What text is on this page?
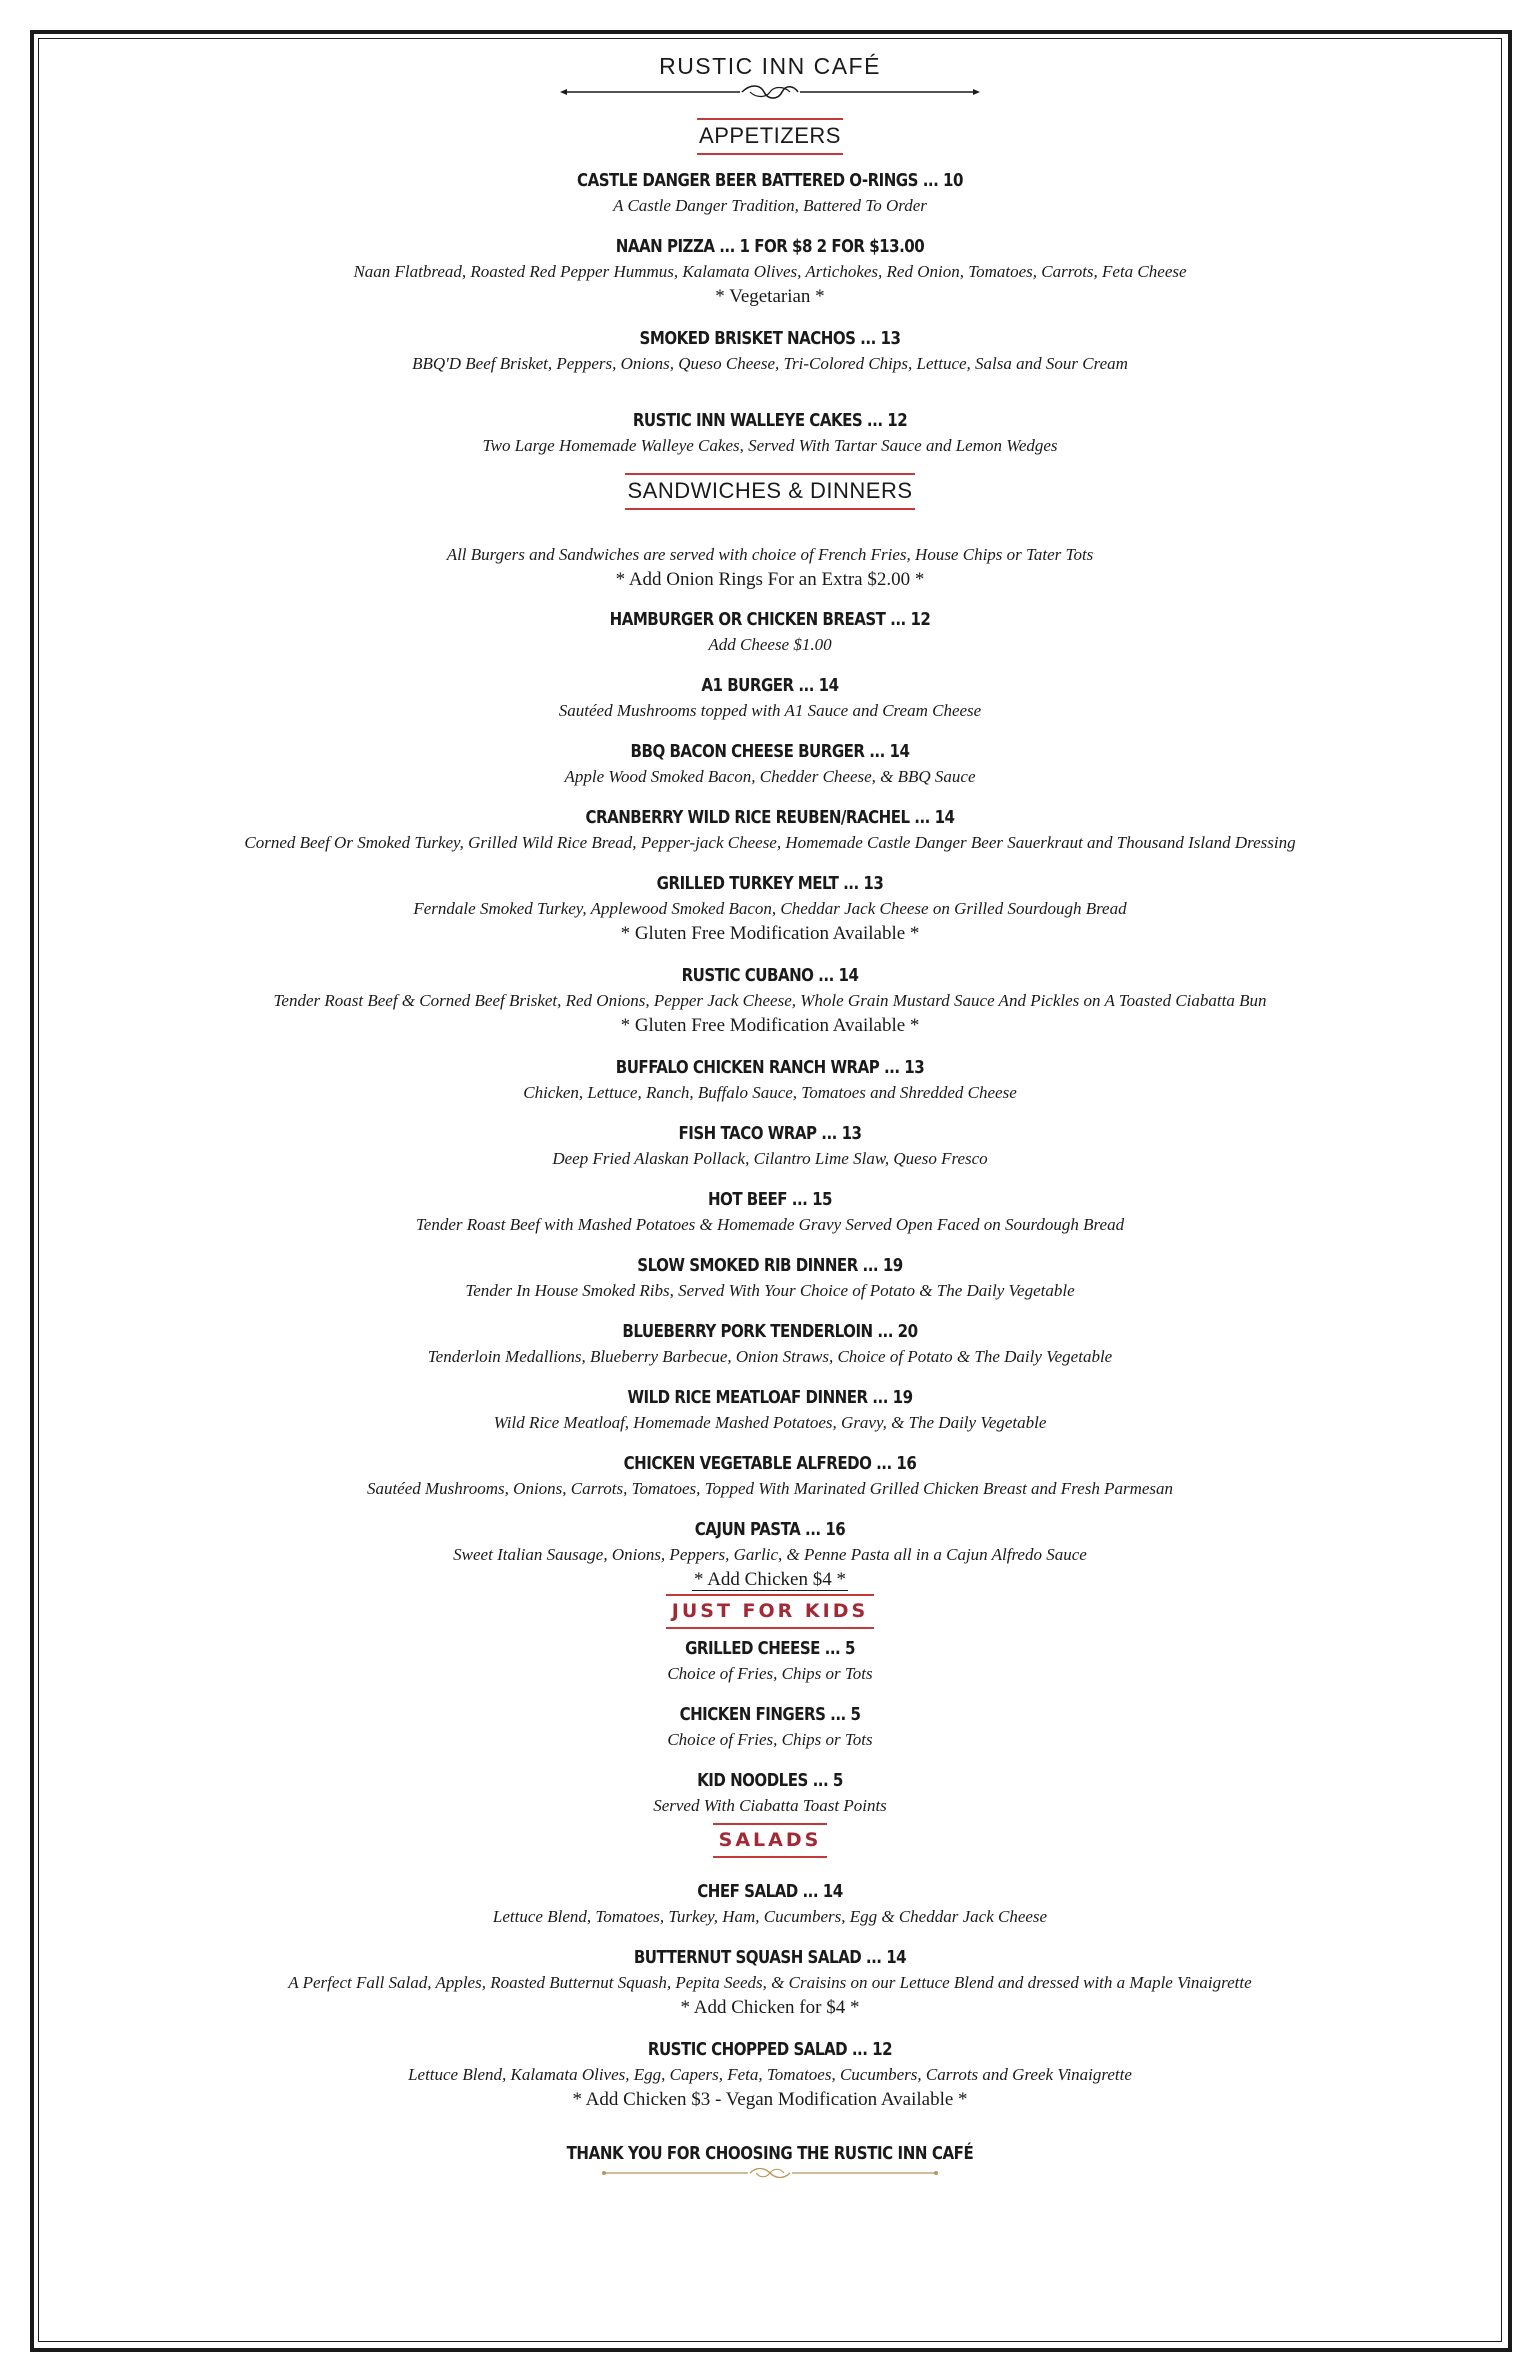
RUSTIC INN CAFÉ
APPETIZERS
CASTLE DANGER BEER BATTERED O-RINGS ... 10
A Castle Danger Tradition, Battered To Order
NAAN PIZZA ... 1 FOR $8 2 FOR $13.00
Naan Flatbread, Roasted Red Pepper Hummus, Kalamata Olives, Artichokes, Red Onion, Tomatoes, Carrots, Feta Cheese
* Vegetarian *
SMOKED BRISKET NACHOS ... 13
BBQ'D Beef Brisket, Peppers, Onions, Queso Cheese, Tri-Colored Chips, Lettuce, Salsa and Sour Cream
RUSTIC INN WALLEYE CAKES ... 12
Two Large Homemade Walleye Cakes, Served With Tartar Sauce and Lemon Wedges
SANDWICHES & DINNERS
All Burgers and Sandwiches are served with choice of French Fries, House Chips or Tater Tots
* Add Onion Rings For an Extra $2.00 *
HAMBURGER OR CHICKEN BREAST ... 12
Add Cheese $1.00
A1 BURGER ... 14
Sautéed Mushrooms topped with A1 Sauce and Cream Cheese
BBQ BACON CHEESE BURGER ... 14
Apple Wood Smoked Bacon, Chedder Cheese, & BBQ Sauce
CRANBERRY WILD RICE REUBEN/RACHEL ... 14
Corned Beef Or Smoked Turkey, Grilled Wild Rice Bread, Pepper-jack Cheese, Homemade Castle Danger Beer Sauerkraut and Thousand Island Dressing
GRILLED TURKEY MELT ... 13
Ferndale Smoked Turkey, Applewood Smoked Bacon, Cheddar Jack Cheese on Grilled Sourdough Bread
* Gluten Free Modification Available *
RUSTIC CUBANO ... 14
Tender Roast Beef & Corned Beef Brisket, Red Onions, Pepper Jack Cheese, Whole Grain Mustard Sauce And Pickles on A Toasted Ciabatta Bun
* Gluten Free Modification Available *
BUFFALO CHICKEN RANCH WRAP ... 13
Chicken, Lettuce, Ranch, Buffalo Sauce, Tomatoes and Shredded Cheese
FISH TACO WRAP ... 13
Deep Fried Alaskan Pollack, Cilantro Lime Slaw, Queso Fresco
HOT BEEF ... 15
Tender Roast Beef with Mashed Potatoes & Homemade Gravy Served Open Faced on Sourdough Bread
SLOW SMOKED RIB DINNER ... 19
Tender In House Smoked Ribs, Served With Your Choice of Potato & The Daily Vegetable
BLUEBERRY PORK TENDERLOIN ... 20
Tenderloin Medallions, Blueberry Barbecue, Onion Straws, Choice of Potato & The Daily Vegetable
WILD RICE MEATLOAF DINNER ... 19
Wild Rice Meatloaf, Homemade Mashed Potatoes, Gravy, & The Daily Vegetable
CHICKEN VEGETABLE ALFREDO ... 16
Sautéed Mushrooms, Onions, Carrots, Tomatoes, Topped With Marinated Grilled Chicken Breast and Fresh Parmesan
CAJUN PASTA ... 16
Sweet Italian Sausage, Onions, Peppers, Garlic, & Penne Pasta all in a Cajun Alfredo Sauce
* Add Chicken $4 *
JUST FOR KIDS
GRILLED CHEESE ... 5
Choice of Fries, Chips or Tots
CHICKEN FINGERS ... 5
Choice of Fries, Chips or Tots
KID NOODLES ... 5
Served With Ciabatta Toast Points
SALADS
CHEF SALAD ... 14
Lettuce Blend, Tomatoes, Turkey, Ham, Cucumbers, Egg & Cheddar Jack Cheese
BUTTERNUT SQUASH SALAD ... 14
A Perfect Fall Salad, Apples, Roasted Butternut Squash, Pepita Seeds, & Craisins on our Lettuce Blend and dressed with a Maple Vinaigrette
* Add Chicken for $4 *
RUSTIC CHOPPED SALAD ... 12
Lettuce Blend, Kalamata Olives, Egg, Capers, Feta, Tomatoes, Cucumbers, Carrots and Greek Vinaigrette
* Add Chicken $3 - Vegan Modification Available *
THANK YOU FOR CHOOSING THE RUSTIC INN CAFÉ
